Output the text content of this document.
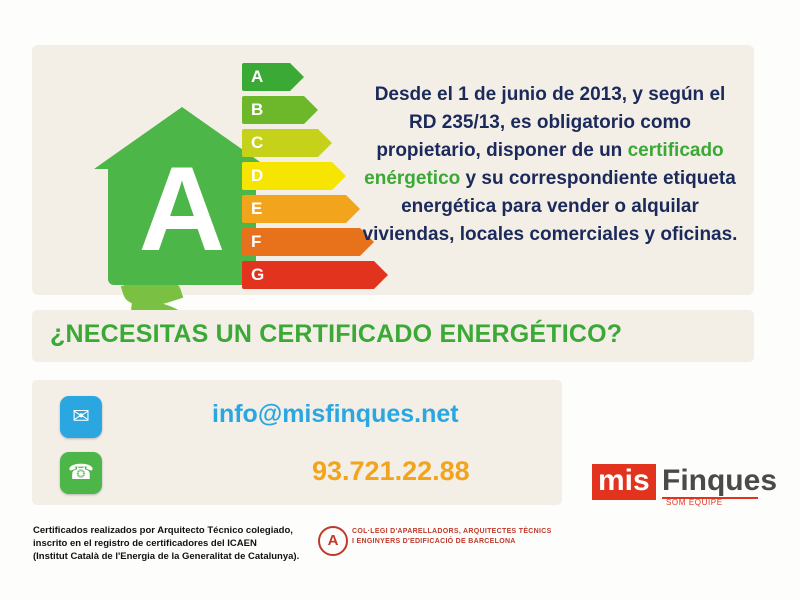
A
A
B
C
D
E
F
G
Desde el 1 de junio de 2013, y según el RD 235/13, es obligatorio como propietario, disponer de un certificado enérgetico y su correspondiente etiqueta energética para vender o alquilar viviendas, locales comerciales y oficinas.
¿NECESITAS UN CERTIFICADO ENERGÉTICO?
✉
☎
info@misfinques.net
93.721.22.88	mis Finques
SOM EQUIPE
Certificados realizados por Arquitecto Técnico colegiado,
inscrito en el registro de certificadores del ICAEN
(Institut Català de l'Energia de la Generalitat de Catalunya).
A
COL·LEGI D'APARELLADORS, ARQUITECTES TÈCNICS
I ENGINYERS D'EDIFICACIÓ DE BARCELONA
